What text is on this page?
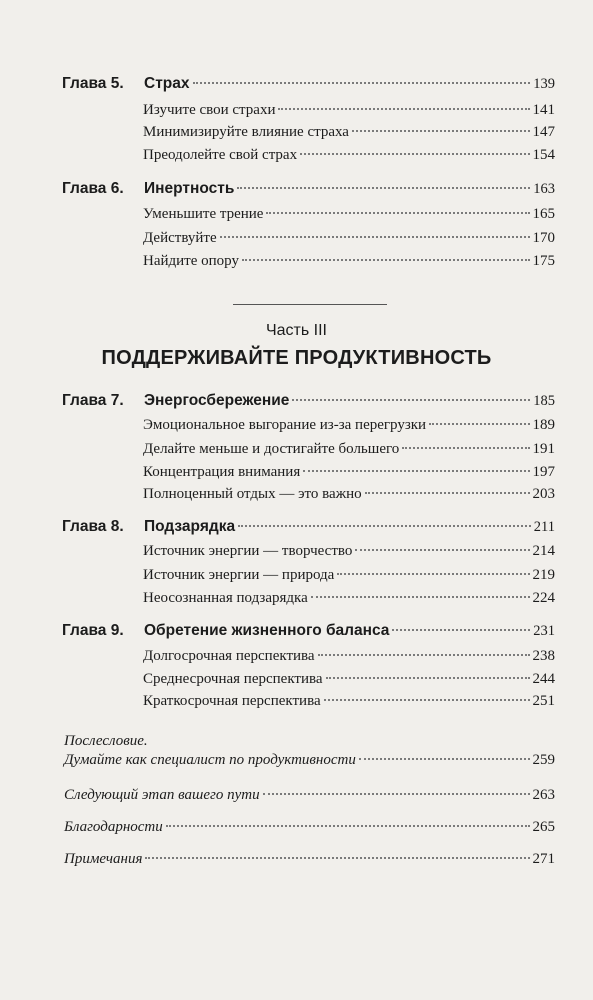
Глава 5. Страх	139
Изучите свои страхи	141
Минимизируйте влияние страха	147
Преодолейте свой страх	154
Глава 6. Инертность	163
Уменьшите трение	165
Действуйте	170
Найдите опору	175
Часть III
ПОДДЕРЖИВАЙТЕ ПРОДУКТИВНОСТЬ
Глава 7. Энергосбережение	185
Эмоциональное выгорание из-за перегрузки	189
Делайте меньше и достигайте большего	191
Концентрация внимания	197
Полноценный отдых — это важно	203
Глава 8. Подзарядка	211
Источник энергии — творчество	214
Источник энергии — природа	219
Неосознанная подзарядка	224
Глава 9. Обретение жизненного баланса	231
Долгосрочная перспектива	238
Среднесрочная перспектива	244
Краткосрочная перспектива	251
Послесловие.
Думайте как специалист по продуктивности	259
Следующий этап вашего пути	263
Благодарности	265
Примечания	271
